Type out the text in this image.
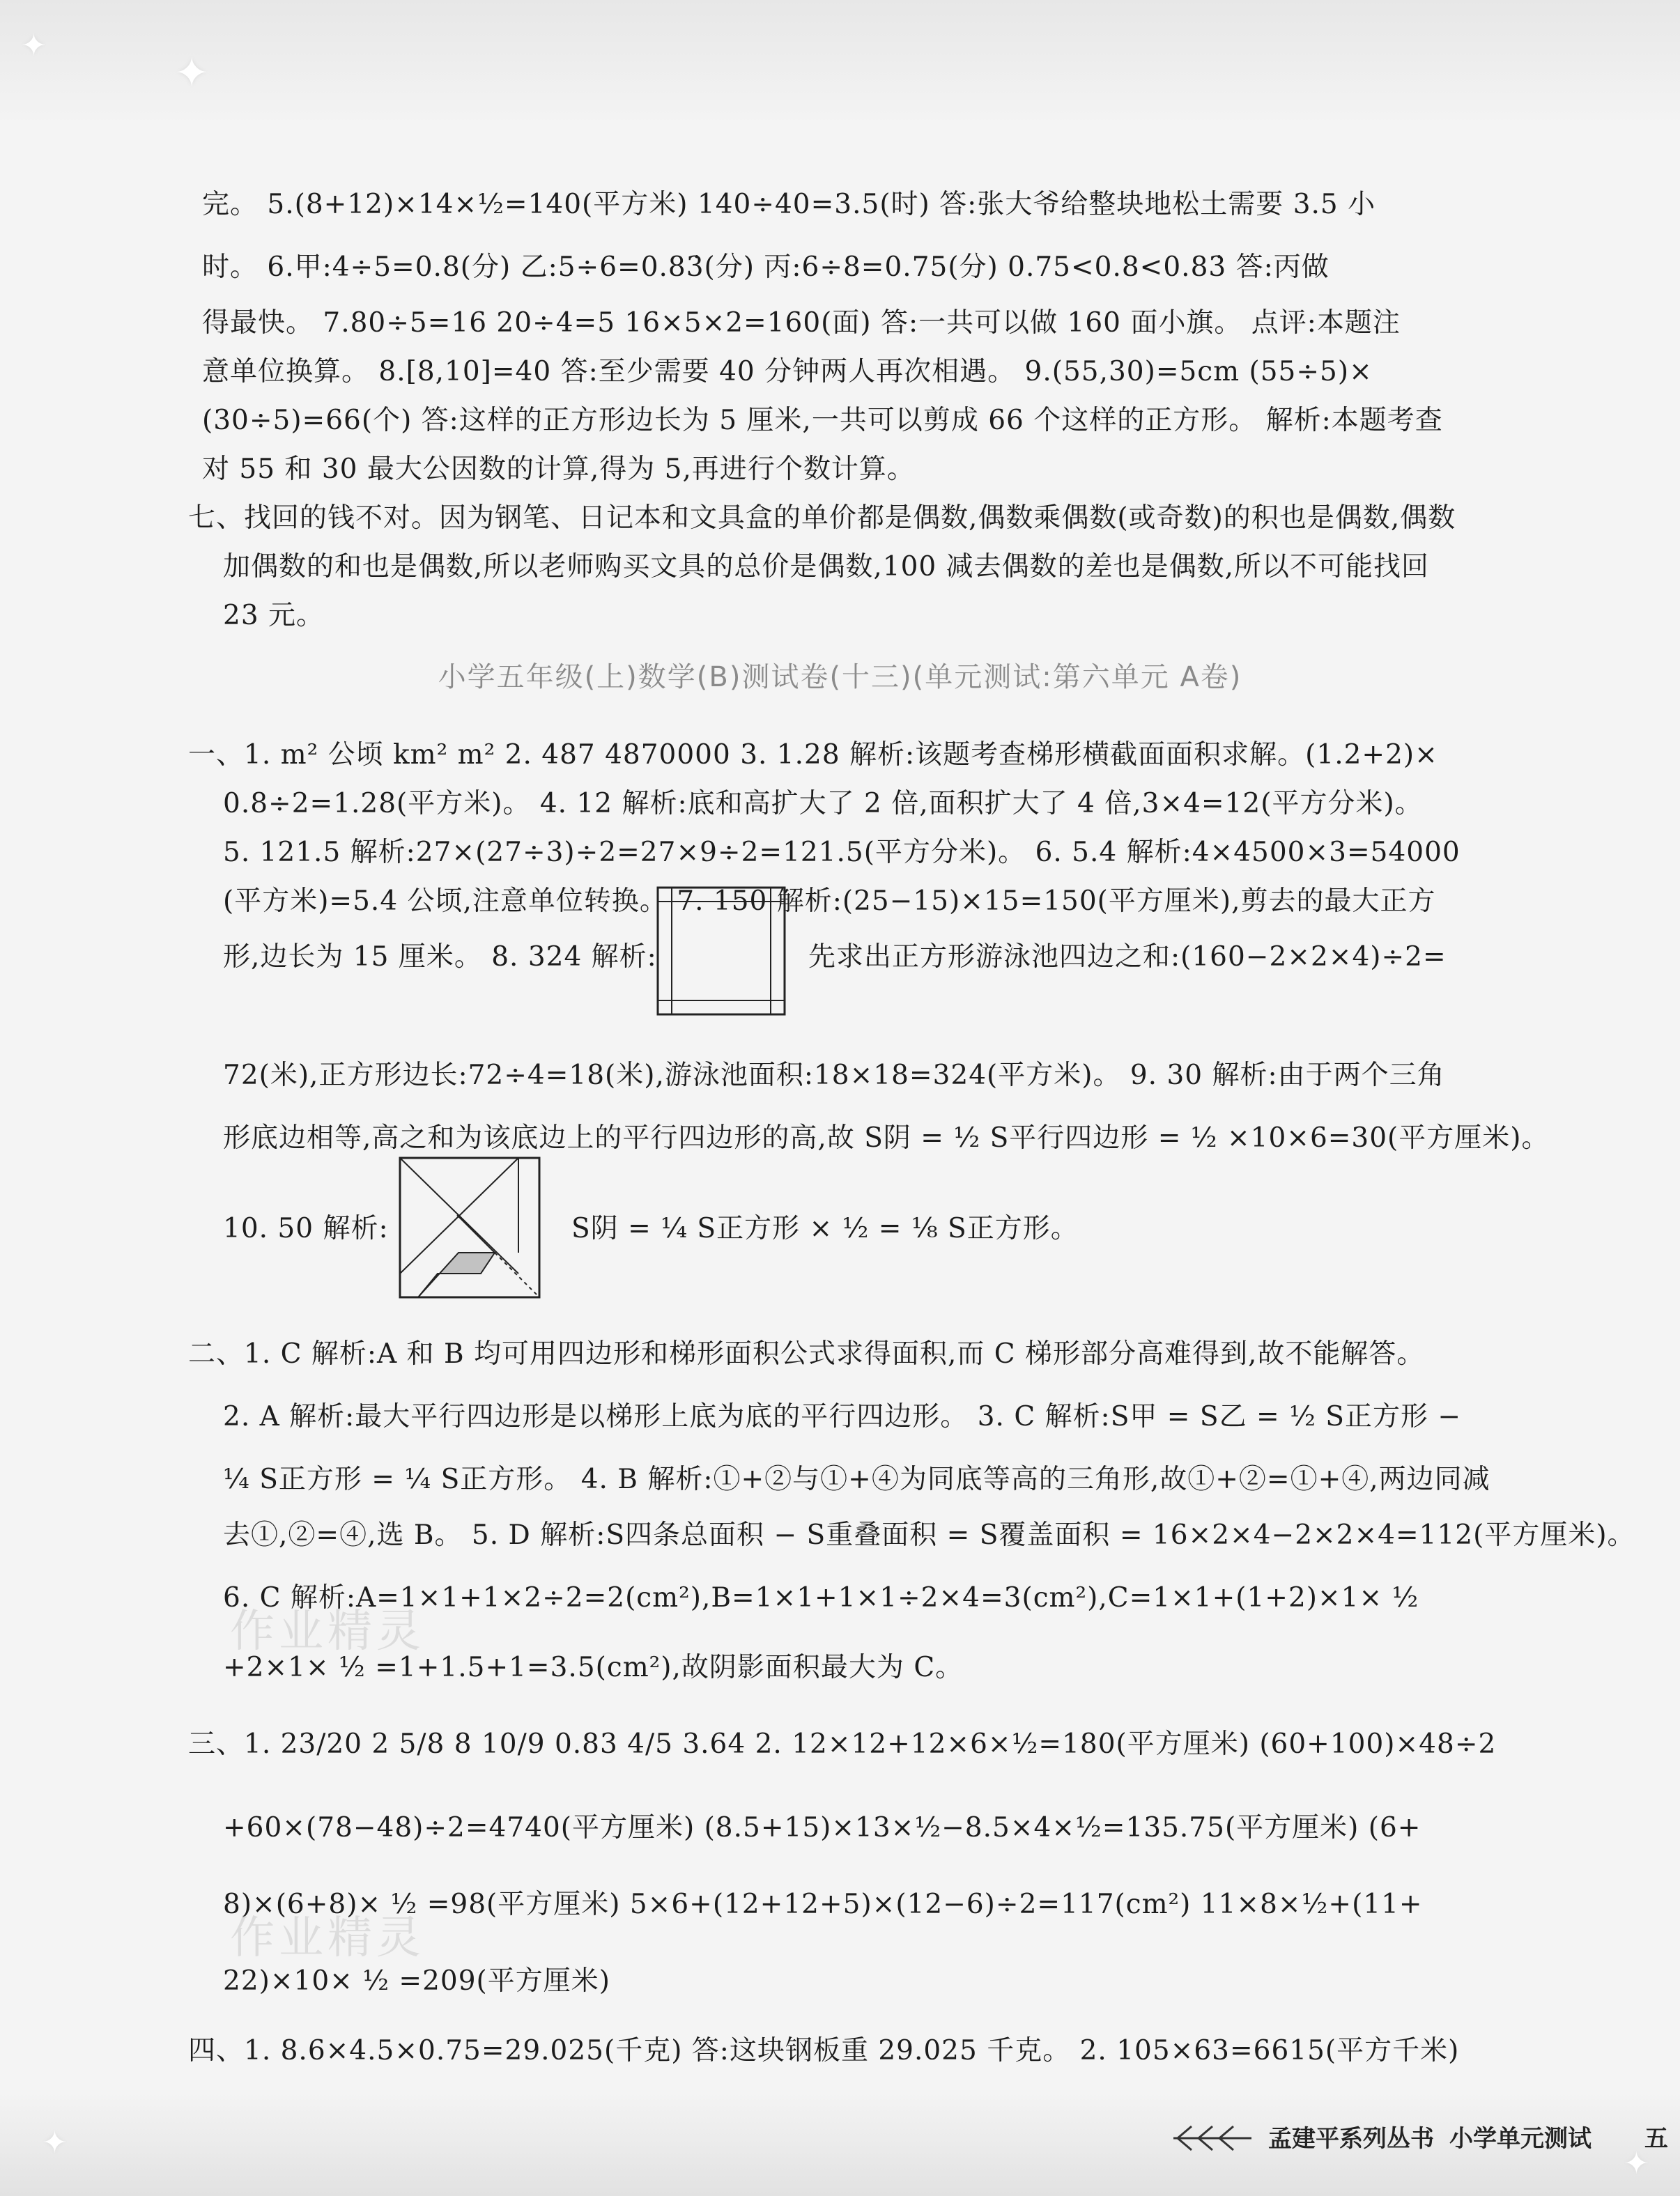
✦
✦
✦
✦
完。 5.(8+12)×14×½=140(平方米) 140÷40=3.5(时) 答:张大爷给整块地松土需要 3.5 小
时。 6.甲:4÷5=0.8(分) 乙:5÷6=0.83̇(分) 丙:6÷8=0.75(分) 0.75<0.8<0.83̇ 答:丙做
得最快。 7.80÷5=16 20÷4=5 16×5×2=160(面) 答:一共可以做 160 面小旗。 点评:本题注
意单位换算。 8.[8,10]=40 答:至少需要 40 分钟两人再次相遇。 9.(55,30)=5cm (55÷5)×
(30÷5)=66(个) 答:这样的正方形边长为 5 厘米,一共可以剪成 66 个这样的正方形。 解析:本题考查
对 55 和 30 最大公因数的计算,得为 5,再进行个数计算。
七、找回的钱不对。因为钢笔、日记本和文具盒的单价都是偶数,偶数乘偶数(或奇数)的积也是偶数,偶数
加偶数的和也是偶数,所以老师购买文具的总价是偶数,100 减去偶数的差也是偶数,所以不可能找回
23 元。
小学五年级(上)数学(B)测试卷(十三)(单元测试:第六单元 A卷)
一、1. m² 公顷 km² m² 2. 487 4870000 3. 1.28 解析:该题考查梯形横截面面积求解。(1.2+2)×
0.8÷2=1.28(平方米)。 4. 12 解析:底和高扩大了 2 倍,面积扩大了 4 倍,3×4=12(平方分米)。
5. 121.5 解析:27×(27÷3)÷2=27×9÷2=121.5(平方分米)。 6. 5.4 解析:4×4500×3=54000
(平方米)=5.4 公顷,注意单位转换。 7. 150 解析:(25−15)×15=150(平方厘米),剪去的最大正方
形,边长为 15 厘米。 8. 324 解析:	先求出正方形游泳池四边之和:(160−2×2×4)÷2=
72(米),正方形边长:72÷4=18(米),游泳池面积:18×18=324(平方米)。 9. 30 解析:由于两个三角
形底边相等,高之和为该底边上的平行四边形的高,故 S阴 = ½ S平行四边形 = ½ ×10×6=30(平方厘米)。
10. 50 解析:	S阴 = ¼ S正方形 × ½ = ⅛ S正方形。
二、1. C 解析:A 和 B 均可用四边形和梯形面积公式求得面积,而 C 梯形部分高难得到,故不能解答。
2. A 解析:最大平行四边形是以梯形上底为底的平行四边形。 3. C 解析:S甲 = S乙 = ½ S正方形 −
¼ S正方形 = ¼ S正方形。 4. B 解析:①+②与①+④为同底等高的三角形,故①+②=①+④,两边同减
去①,②=④,选 B。 5. D 解析:S四条总面积 − S重叠面积 = S覆盖面积 = 16×2×4−2×2×4=112(平方厘米)。
6. C 解析:A=1×1+1×2÷2=2(cm²),B=1×1+1×1÷2×4=3(cm²),C=1×1+(1+2)×1× ½
+2×1× ½ =1+1.5+1=3.5(cm²),故阴影面积最大为 C。
三、1. 23/20 2 5/8 8 10/9 0.83 4/5 3.64 2. 12×12+12×6×½=180(平方厘米) (60+100)×48÷2
+60×(78−48)÷2=4740(平方厘米) (8.5+15)×13×½−8.5×4×½=135.75(平方厘米) (6+
8)×(6+8)× ½ =98(平方厘米) 5×6+(12+12+5)×(12−6)÷2=117(cm²) 11×8×½+(11+
22)×10× ½ =209(平方厘米)
四、1. 8.6×4.5×0.75=29.025(千克) 答:这块钢板重 29.025 千克。 2. 105×63=6615(平方千米)
作业精灵
作业精灵
孟建平系列丛书 小学单元测试 五
